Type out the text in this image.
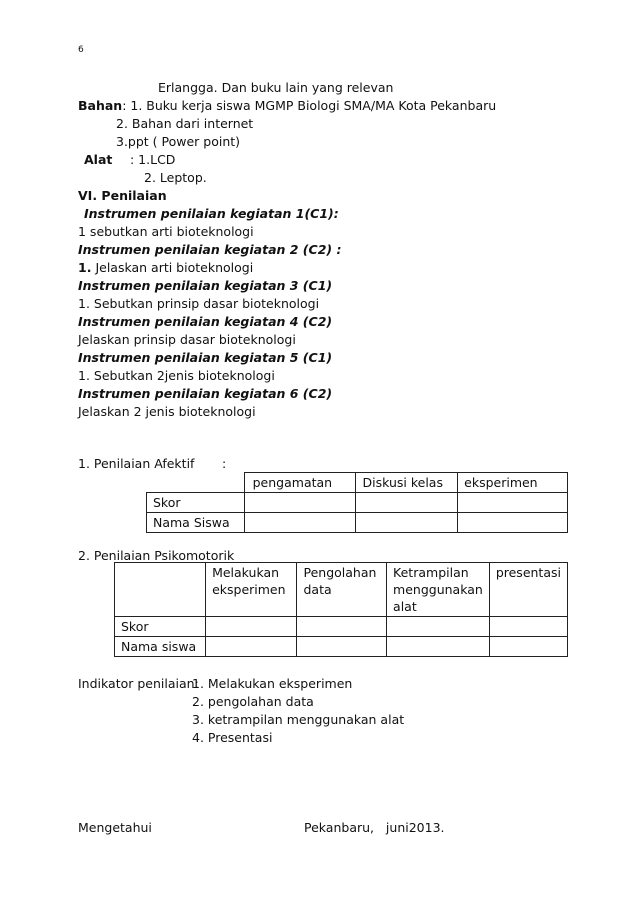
6
Erlangga. Dan buku lain yang relevan
Bahan: 1. Buku kerja siswa MGMP Biologi SMA/MA Kota Pekanbaru
2. Bahan dari internet
3.ppt ( Power point)
Alat : 1.LCD
2. Leptop.
VI. Penilaian
Instrumen penilaian kegiatan 1(C1):
1 sebutkan arti bioteknologi
Instrumen penilaian kegiatan 2 (C2) :
1. Jelaskan arti bioteknologi
Instrumen penilaian kegiatan 3 (C1)
1. Sebutkan prinsip dasar bioteknologi
Instrumen penilaian kegiatan 4 (C2)
Jelaskan prinsip dasar bioteknologi
Instrumen penilaian kegiatan 5 (C1)
1. Sebutkan 2jenis bioteknologi
Instrumen penilaian kegiatan 6 (C2)
Jelaskan 2 jenis bioteknologi
1. Penilaian Afektif :
	pengamatan	Diskusi kelas	eksperimen
Skor			
Nama Siswa			
2. Penilaian Psikomotorik
	Melakukan eksperimen	Pengolahan data	Ketrampilan menggunakan alat	presentasi
Skor				
Nama siswa				
Indikator penilaian:
1. Melakukan eksperimen
2. pengolahan data
3. ketrampilan menggunakan alat
4. Presentasi
Mengetahui	Pekanbaru,   juni2013.
